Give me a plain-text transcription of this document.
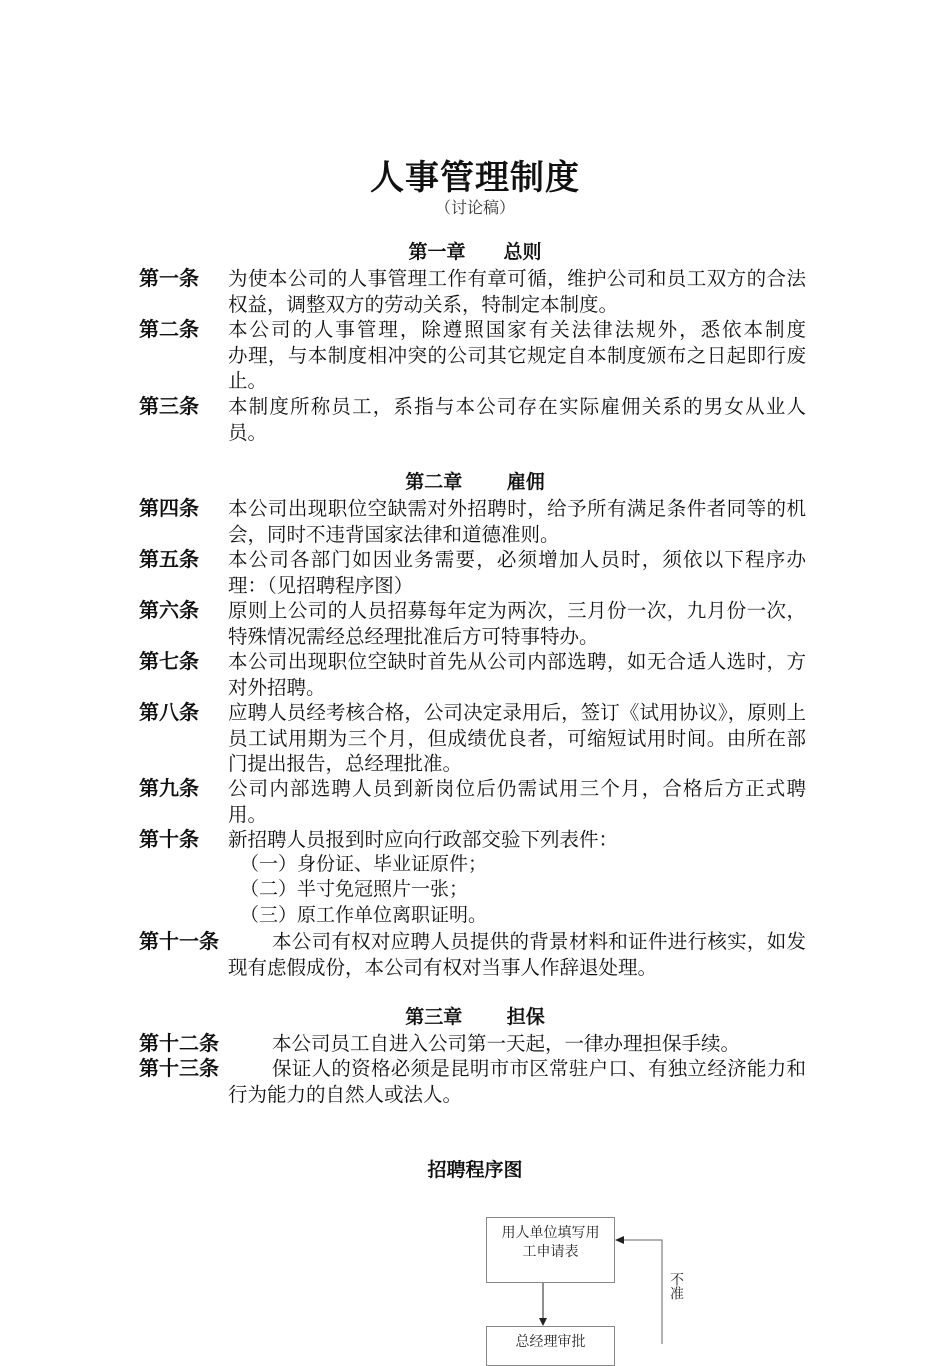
人事管理制度
（讨论稿）
第一章　　总则
第一条 为使本公司的人事管理工作有章可循，维护公司和员工双方的合法权益，调整双方的劳动关系，特制定本制度。
第二条 本公司的人事管理，除遵照国家有关法律法规外，悉依本制度　　　办理，与本制度相冲突的公司其它规定自本制度颁布之日起即行废止。
第三条 本制度所称员工，系指与本公司存在实际雇佣关系的男女从业人员。
第二章　　 雇佣
第四条 本公司出现职位空缺需对外招聘时，给予所有满足条件者同等的机会，同时不违背国家法律和道德准则。
第五条 本公司各部门如因业务需要，必须增加人员时，须依以下程序办理：（见招聘程序图）
第六条 原则上公司的人员招募每年定为两次，三月份一次，九月份一次，特殊情况需经总经理批准后方可特事特办。
第七条 本公司出现职位空缺时首先从公司内部选聘，如无合适人选时，方对外招聘。
第八条 应聘人员经考核合格，公司决定录用后，签订《试用协议》，原则上员工试用期为三个月，但成绩优良者，可缩短试用时间。由所在部门提出报告，总经理批准。
第九条 公司内部选聘人员到新岗位后仍需试用三个月，合格后方正式聘用。
第十条 新招聘人员报到时应向行政部交验下列表件：
（一）身份证、毕业证原件；
（二）半寸免冠照片一张；
（三）原工作单位离职证明。
第十一条	本公司有权对应聘人员提供的背景材料和证件进行核实，如发现有虑假成份，本公司有权对当事人作辞退处理。
第三章　　 担保
第十二条	本公司员工自进入公司第一天起，一律办理担保手续。
第十三条	保证人的资格必须是昆明市市区常驻户口、有独立经济能力和行为能力的自然人或法人。
招聘程序图
用人单位填写用
工申请表
总经理审批
不准
